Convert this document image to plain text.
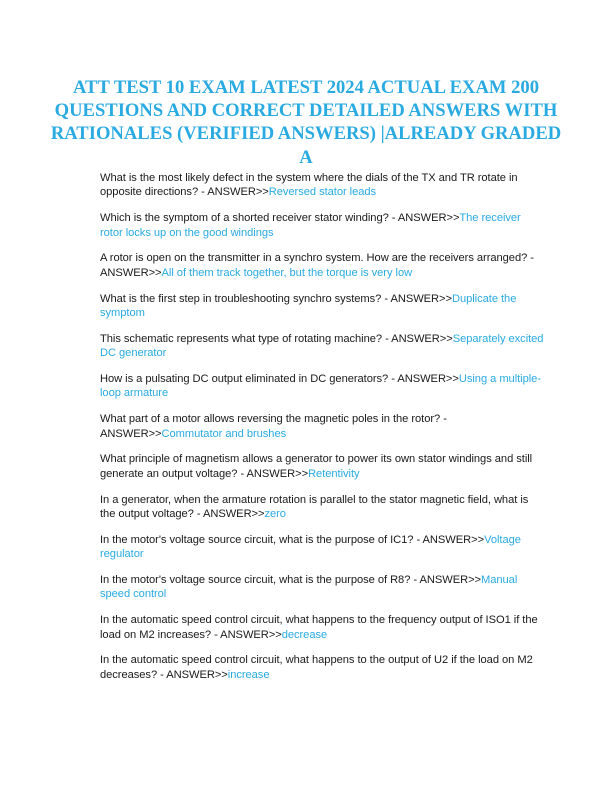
ATT TEST 10 EXAM LATEST 2024 ACTUAL EXAM 200 QUESTIONS AND CORRECT DETAILED ANSWERS WITH RATIONALES (VERIFIED ANSWERS) |ALREADY GRADED A
What is the most likely defect in the system where the dials of the TX and TR rotate in opposite directions? - ANSWER>>Reversed stator leads
Which is the symptom of a shorted receiver stator winding? - ANSWER>>The receiver rotor locks up on the good windings
A rotor is open on the transmitter in a synchro system. How are the receivers arranged? - ANSWER>>All of them track together, but the torque is very low
What is the first step in troubleshooting synchro systems? - ANSWER>>Duplicate the symptom
This schematic represents what type of rotating machine? - ANSWER>>Separately excited DC generator
How is a pulsating DC output eliminated in DC generators? - ANSWER>>Using a multiple-loop armature
What part of a motor allows reversing the magnetic poles in the rotor? - ANSWER>>Commutator and brushes
What principle of magnetism allows a generator to power its own stator windings and still generate an output voltage? - ANSWER>>Retentivity
In a generator, when the armature rotation is parallel to the stator magnetic field, what is the output voltage? - ANSWER>>zero
In the motor's voltage source circuit, what is the purpose of IC1? - ANSWER>>Voltage regulator
In the motor's voltage source circuit, what is the purpose of R8? - ANSWER>>Manual speed control
In the automatic speed control circuit, what happens to the frequency output of ISO1 if the load on M2 increases? - ANSWER>>decrease
In the automatic speed control circuit, what happens to the output of U2 if the load on M2 decreases? - ANSWER>>increase
